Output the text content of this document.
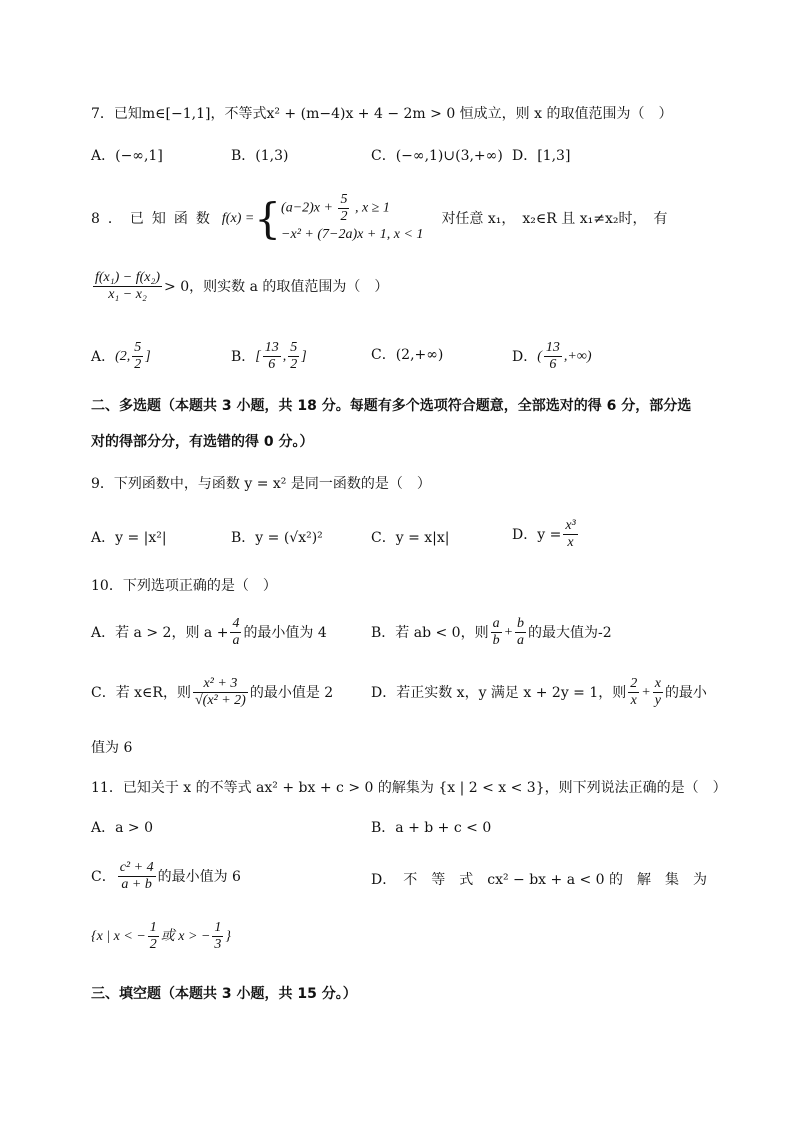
7．已知m∈[−1,1]，不等式x² + (m−4)x + 4 − 2m > 0 恒成立，则 x 的取值范围为（　）
A．(−∞,1]	B．(1,3)	C．(−∞,1)∪(3,+∞) D．[1,3]
8．已知函数 f(x) = { $(a-2)x + \frac{5}{2}$ , x ≥ 1
−x² + (7−2a)x + 1, x < 1
对任意 x₁，　x₂∈R 且 x₁≠x₂时，　有
$\frac{\text{f(x₁) − f(x₂)}}{\text{x₁ − x₂}} > 0$，则实数 a 的取值范围为（　）
A． (2, $\frac{5}{2}$ ]	B． [ $\frac{13}{6}$ , $\frac{5}{2}$ ]	C．(2,+∞)	D． ( $\frac{13}{6}$ ,+∞)
二、多选题（本题共 3 小题，共 18 分。每题有多个选项符合题意，全部选对的得 6 分，部分选
对的得部分分，有选错的得 0 分。）
9．下列函数中，与函数 y = x² 是同一函数的是（　）
A．y = |x²|	B．y = (√x²)²	C．y = x|x|	D．$y = \frac{\text{x³}}{x}$
10．下列选项正确的是（　）
A．若 a > 2，则 $a + \frac{4}{a}$ 的最小值为 4	B．若 ab < 0，则 $\frac{a}{b} + \frac{b}{a}$ 的最大值为-2
C．若 x∈R，则 $\frac{\text{x² + 3}}{\text{√(x² + 2)}}$ 的最小值是 2	D．若正实数 x，y 满足 x + 2y = 1，则 $\frac{2}{x} + \frac{x}{y}$ 的最小
值为 6
11．已知关于 x 的不等式 ax² + bx + c > 0 的解集为 {x | 2 < x < 3}，则下列说法正确的是（　）
A．a > 0	B．a + b + c < 0
C． $\frac{\text{c² + 4}}{a + b}$ 的最小值为 6	D．　不　等　式　cx² − bx + a < 0 的　解　集　为
{x | x < − $\frac{1}{2}$ 或 x > − $\frac{1}{3}$ }
三、填空题（本题共 3 小题，共 15 分。）
